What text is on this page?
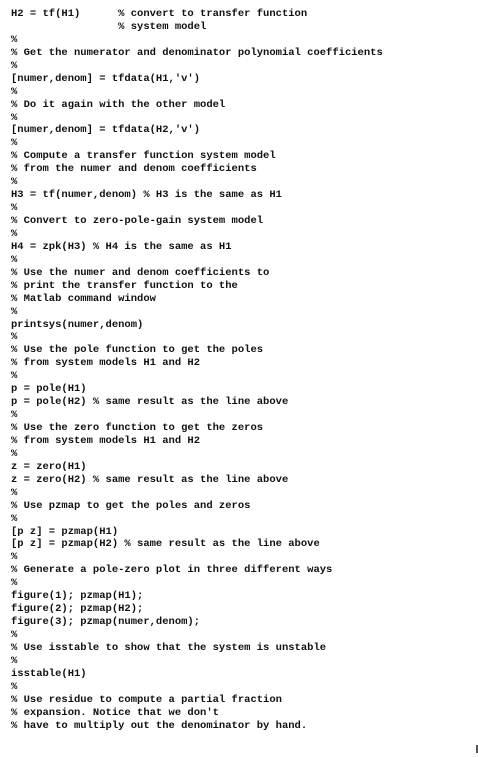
H2 = tf(H1)      % convert to transfer function
% system model
%
% Get the numerator and denominator polynomial coefficients
%
[numer,denom] = tfdata(H1,'v')
%
% Do it again with the other model
%
[numer,denom] = tfdata(H2,'v')
%
% Compute a transfer function system model
% from the numer and denom coefficients
%
H3 = tf(numer,denom) % H3 is the same as H1
%
% Convert to zero-pole-gain system model
%
H4 = zpk(H3) % H4 is the same as H1
%
% Use the numer and denom coefficients to
% print the transfer function to the
% Matlab command window
%
printsys(numer,denom)
%
% Use the pole function to get the poles
% from system models H1 and H2
%
p = pole(H1)
p = pole(H2) % same result as the line above
%
% Use the zero function to get the zeros
% from system models H1 and H2
%
z = zero(H1)
z = zero(H2) % same result as the line above
%
% Use pzmap to get the poles and zeros
%
[p z] = pzmap(H1)
[p z] = pzmap(H2) % same result as the line above
%
% Generate a pole-zero plot in three different ways
%
figure(1); pzmap(H1);
figure(2); pzmap(H2);
figure(3); pzmap(numer,denom);
%
% Use isstable to show that the system is unstable
%
isstable(H1)
%
% Use residue to compute a partial fraction
% expansion. Notice that we don't
% have to multiply out the denominator by hand.
